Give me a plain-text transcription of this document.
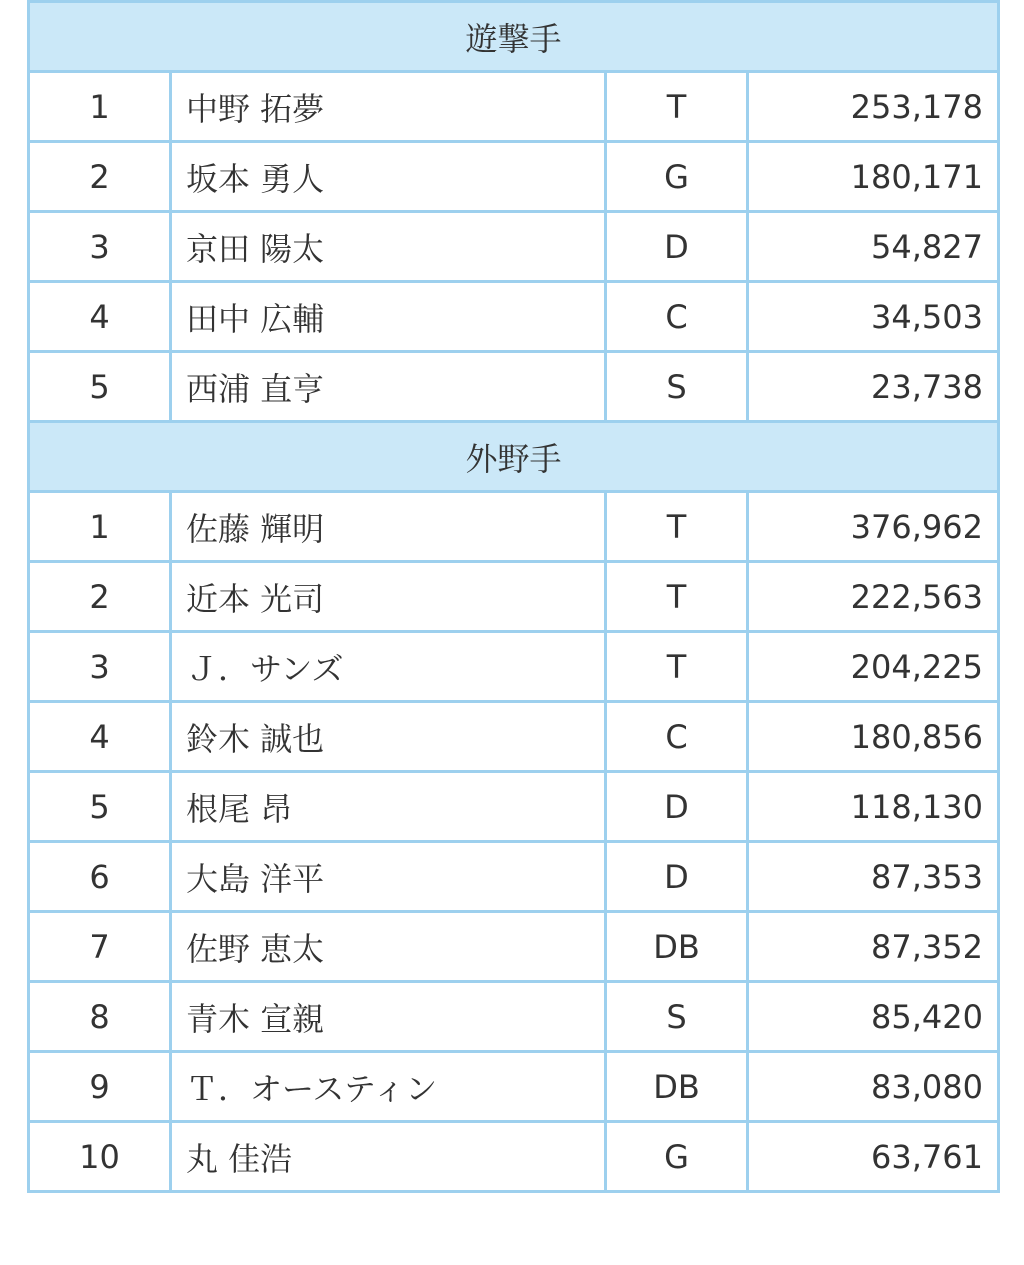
遊撃手			
1	中野 拓夢	T	253,178
2	坂本 勇人	G	180,171
3	京田 陽太	D	54,827
4	田中 広輔	C	34,503
5	西浦 直亨	S	23,738
外野手			
1	佐藤 輝明	T	376,962
2	近本 光司	T	222,563
3	Ｊ．サンズ	T	204,225
4	鈴木 誠也	C	180,856
5	根尾 昂	D	118,130
6	大島 洋平	D	87,353
7	佐野 恵太	DB	87,352
8	青木 宣親	S	85,420
9	Ｔ．オースティン	DB	83,080
10	丸 佳浩	G	63,761
